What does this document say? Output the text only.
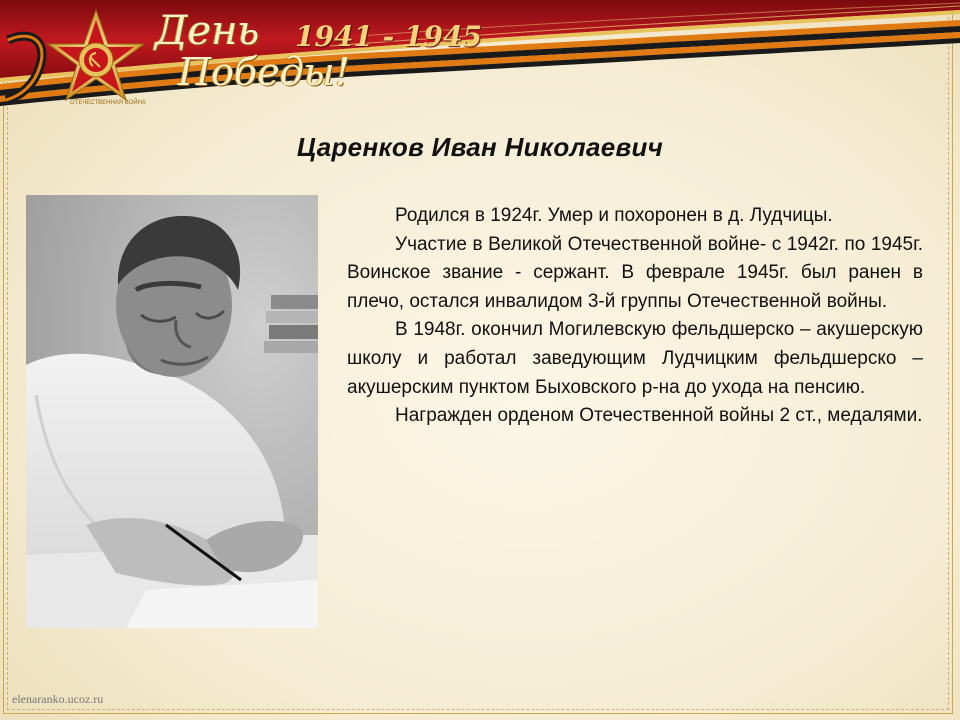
День
Победы!
1941 - 1945
ОТЕЧЕСТВЕННАЯ ВОЙНА
Царенков Иван Николаевич

Родился в 1924г. Умер и похоронен в д. Лудчицы.

Участие в Великой Отечественной войне- с 1942г. по 1945г. Воинское звание - сержант. В феврале 1945г. был ранен в плечо, остался инвалидом 3-й группы Отечественной войны.

В 1948г. окончил Могилевскую фельдшерско – акушерскую школу и работал заведующим Лудчицким фельдшерско –акушерским пунктом Быховского р-на до ухода на пенсию.

Награжден орденом Отечественной войны 2 ст., медалями.

elenaranko.ucoz.ru
